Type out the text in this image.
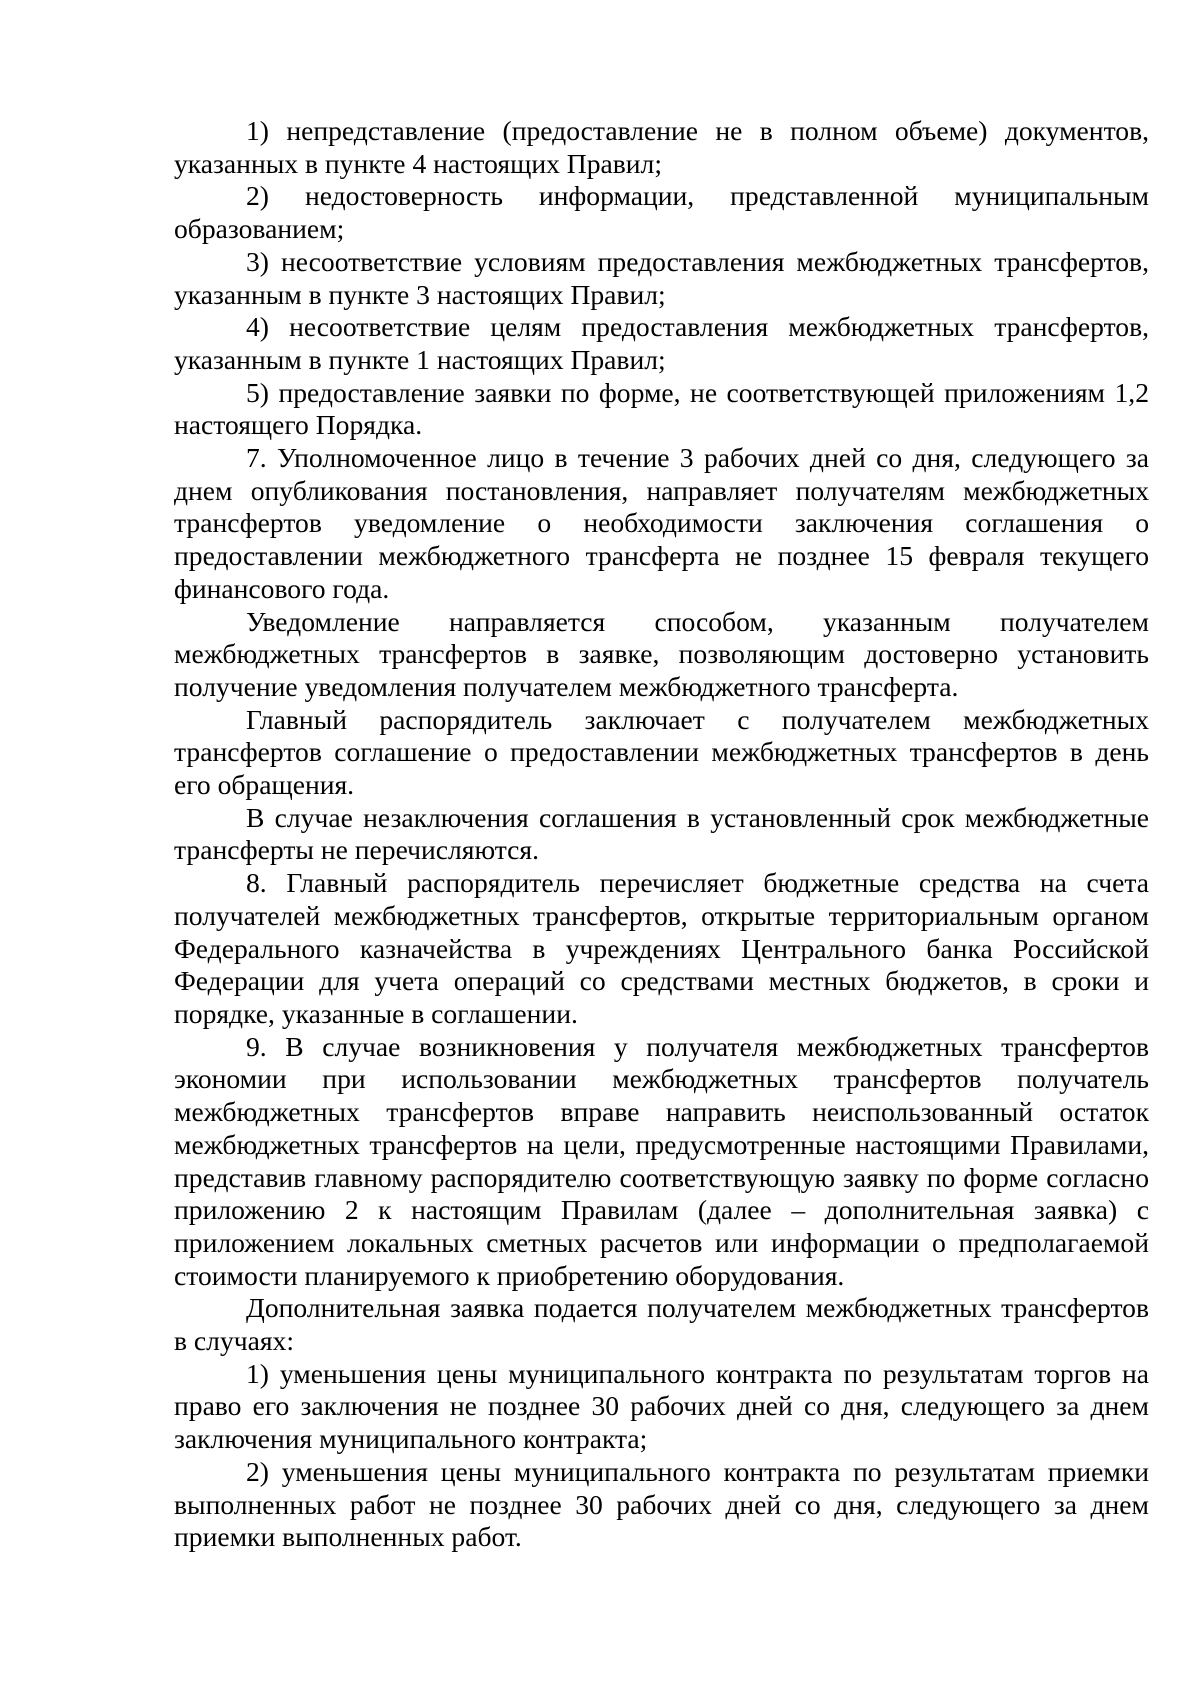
1) непредставление (предоставление не в полном объеме) документов, указанных в пункте 4 настоящих Правил;

2) недостоверность информации, представленной муниципальным образованием;

3) несоответствие условиям предоставления межбюджетных трансфертов, указанным в пункте 3 настоящих Правил;

4) несоответствие целям предоставления межбюджетных трансфертов, указанным в пункте 1 настоящих Правил;

5) предоставление заявки по форме, не соответствующей приложениям 1,2 настоящего Порядка.

7. Уполномоченное лицо в течение 3 рабочих дней со дня, следующего за днем опубликования постановления, направляет получателям межбюджетных трансфертов уведомление о необходимости заключения соглашения о предоставлении межбюджетного трансферта не позднее 15 февраля текущего финансового года.

Уведомление направляется способом, указанным получателем межбюджетных трансфертов в заявке, позволяющим достоверно установить получение уведомления получателем межбюджетного трансферта.

Главный распорядитель заключает с получателем межбюджетных трансфертов соглашение о предоставлении межбюджетных трансфертов в день его обращения.

В случае незаключения соглашения в установленный срок межбюджетные трансферты не перечисляются.

8. Главный распорядитель перечисляет бюджетные средства на счета получателей межбюджетных трансфертов, открытые территориальным органом Федерального казначейства в учреждениях Центрального банка Российской Федерации для учета операций со средствами местных бюджетов, в сроки и порядке, указанные в соглашении.

9. В случае возникновения у получателя межбюджетных трансфертов экономии при использовании межбюджетных трансфертов получатель межбюджетных трансфертов вправе направить неиспользованный остаток межбюджетных трансфертов на цели, предусмотренные настоящими Правилами, представив главному распорядителю соответствующую заявку по форме согласно приложению 2 к настоящим Правилам (далее – дополнительная заявка) с приложением локальных сметных расчетов или информации о предполагаемой стоимости планируемого к приобретению оборудования.

Дополнительная заявка подается получателем межбюджетных трансфертов в случаях:

1) уменьшения цены муниципального контракта по результатам торгов на право его заключения не позднее 30 рабочих дней со дня, следующего за днем заключения муниципального контракта;

2) уменьшения цены муниципального контракта по результатам приемки выполненных работ не позднее 30 рабочих дней со дня, следующего за днем приемки выполненных работ.
